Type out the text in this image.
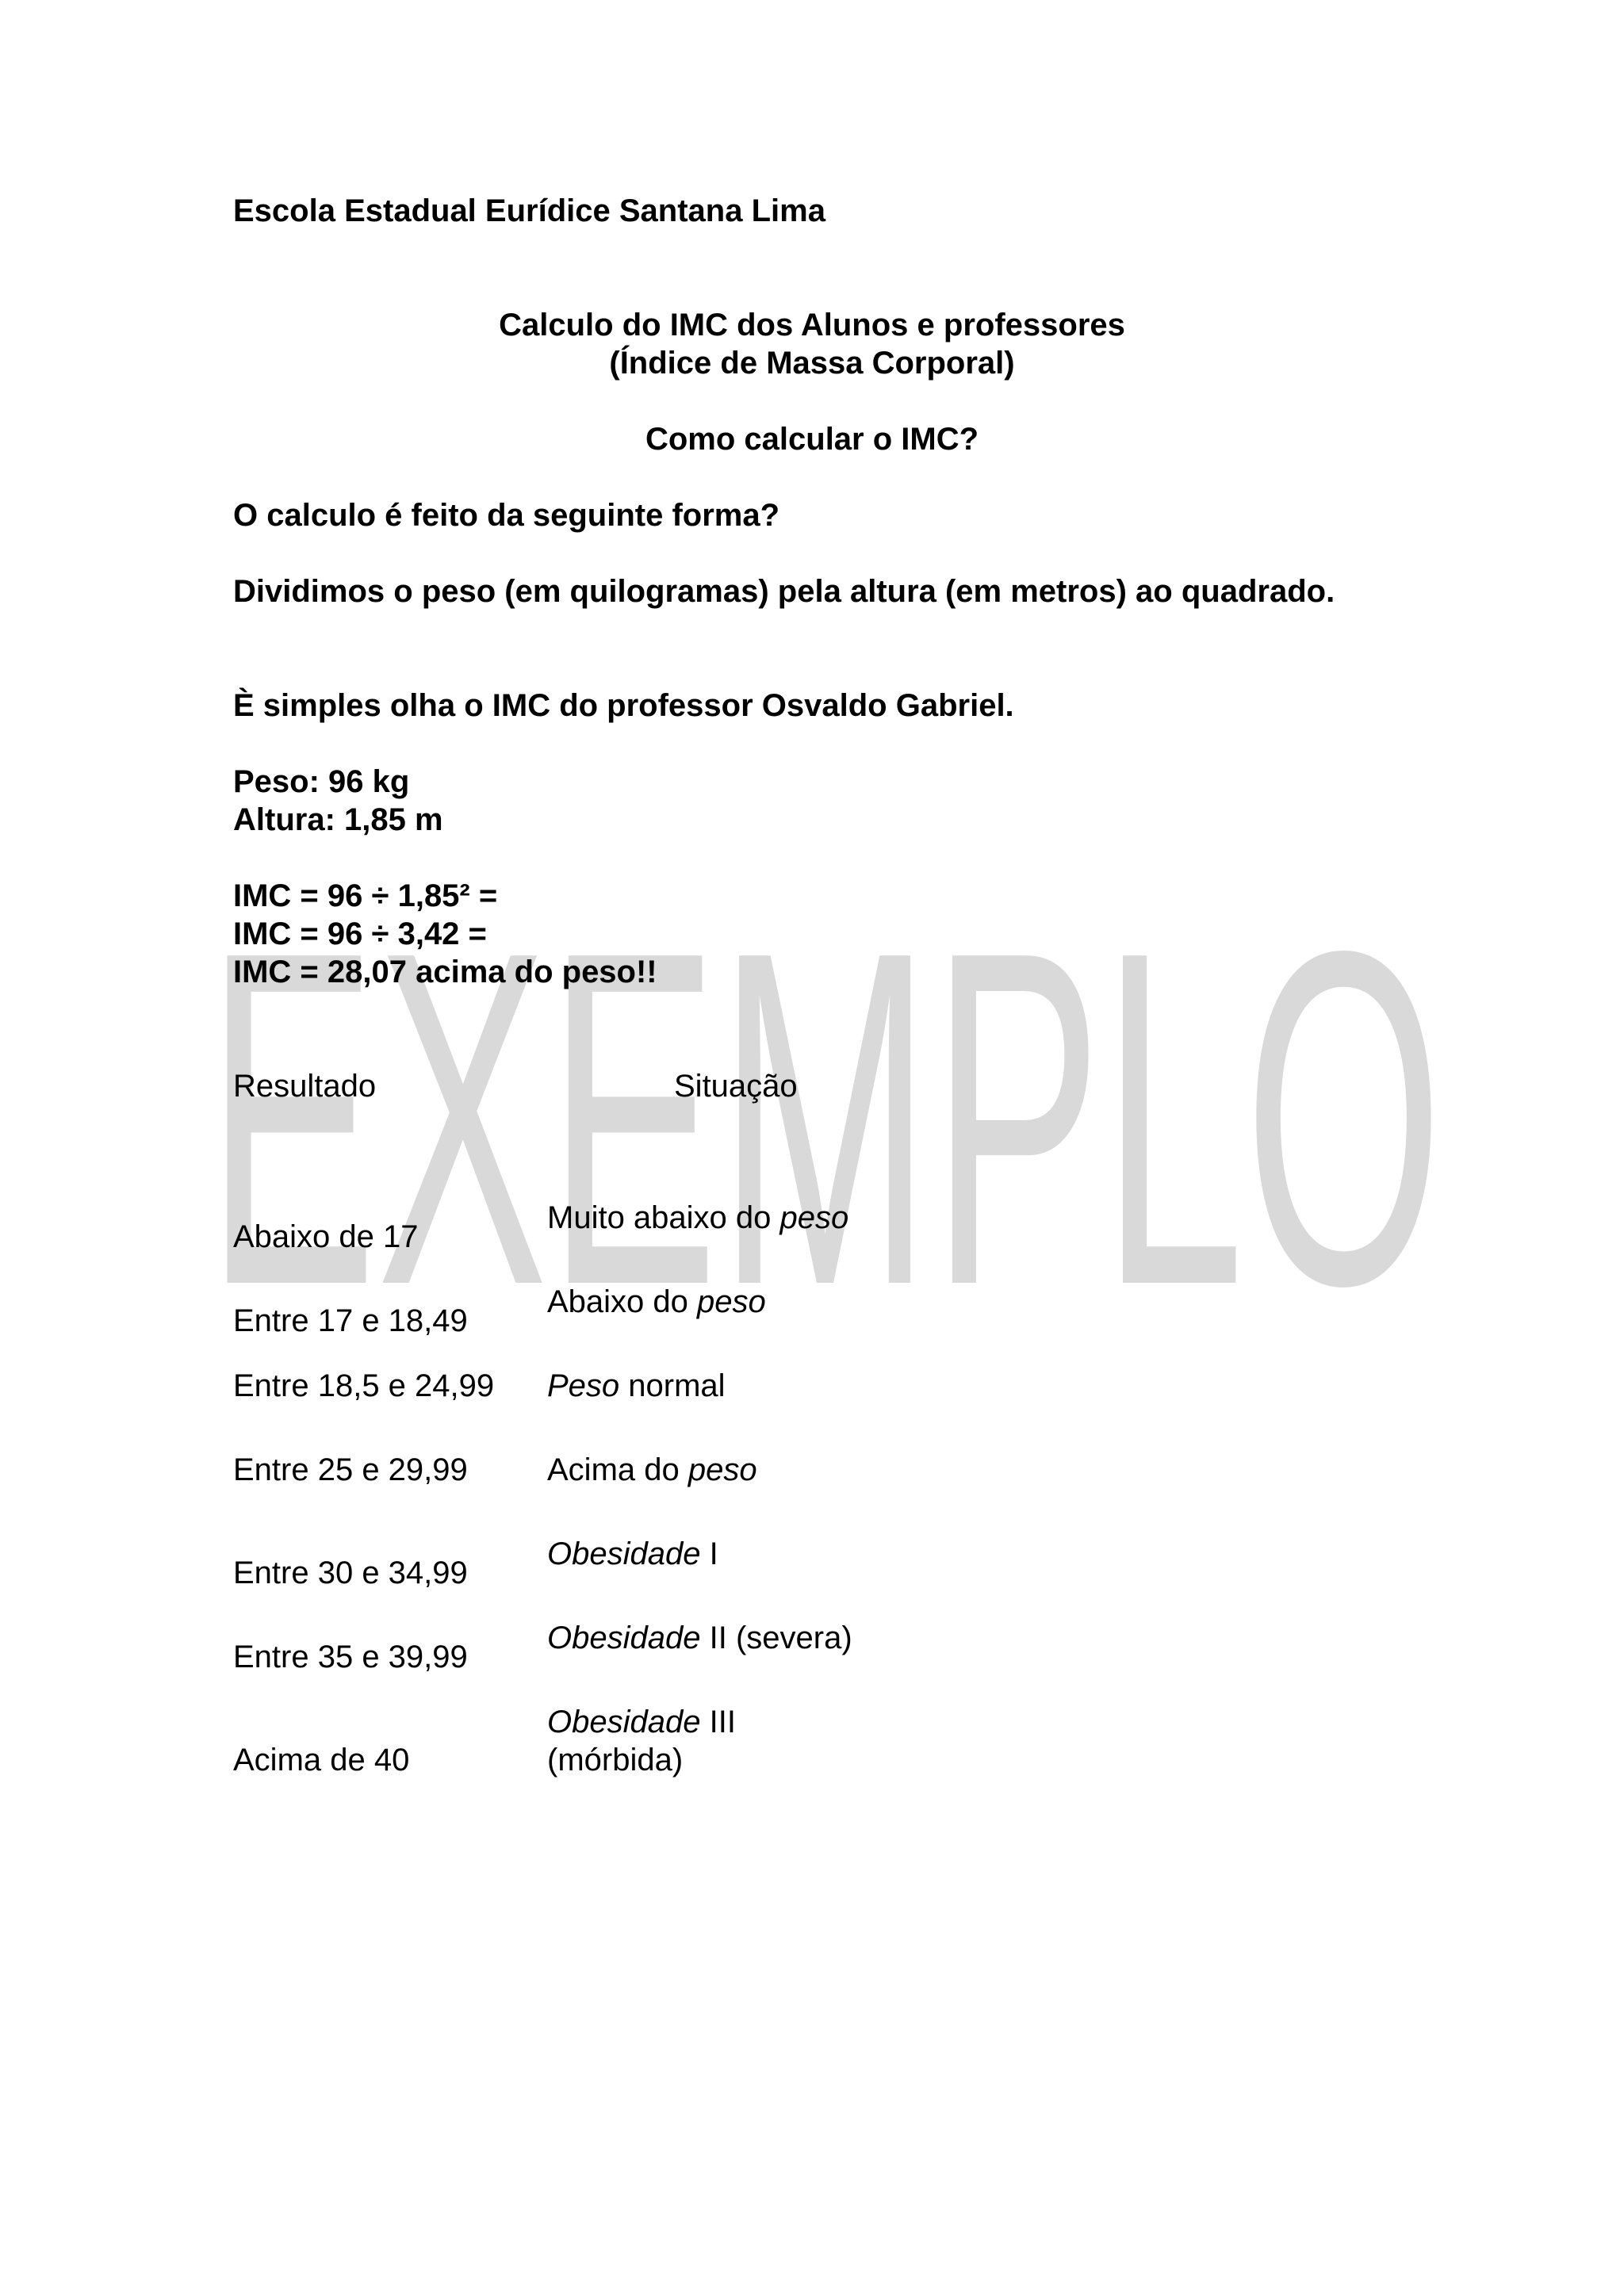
EXEMPLO
Escola Estadual Eurídice Santana Lima
Calculo do IMC dos Alunos e professores
(Índice de Massa Corporal)
Como calcular o IMC?
O calculo é feito da seguinte forma?
Dividimos o peso (em quilogramas) pela altura (em metros) ao quadrado.
È simples olha o IMC do professor Osvaldo Gabriel.
Peso: 96 kg
Altura: 1,85 m
IMC = 96 ÷ 1,85² =
IMC = 96 ÷ 3,42 =
IMC = 28,07 acima do peso!!
Resultado	Situação
Abaixo de 17
Muito abaixo do peso
Entre 17 e 18,49
Abaixo do peso
Entre 18,5 e 24,99 Peso normal
Entre 25 e 29,99	Acima do peso
Entre 30 e 34,99
Obesidade I
Entre 35 e 39,99
Obesidade II (severa)
Acima de 40
Obesidade III
(mórbida)
